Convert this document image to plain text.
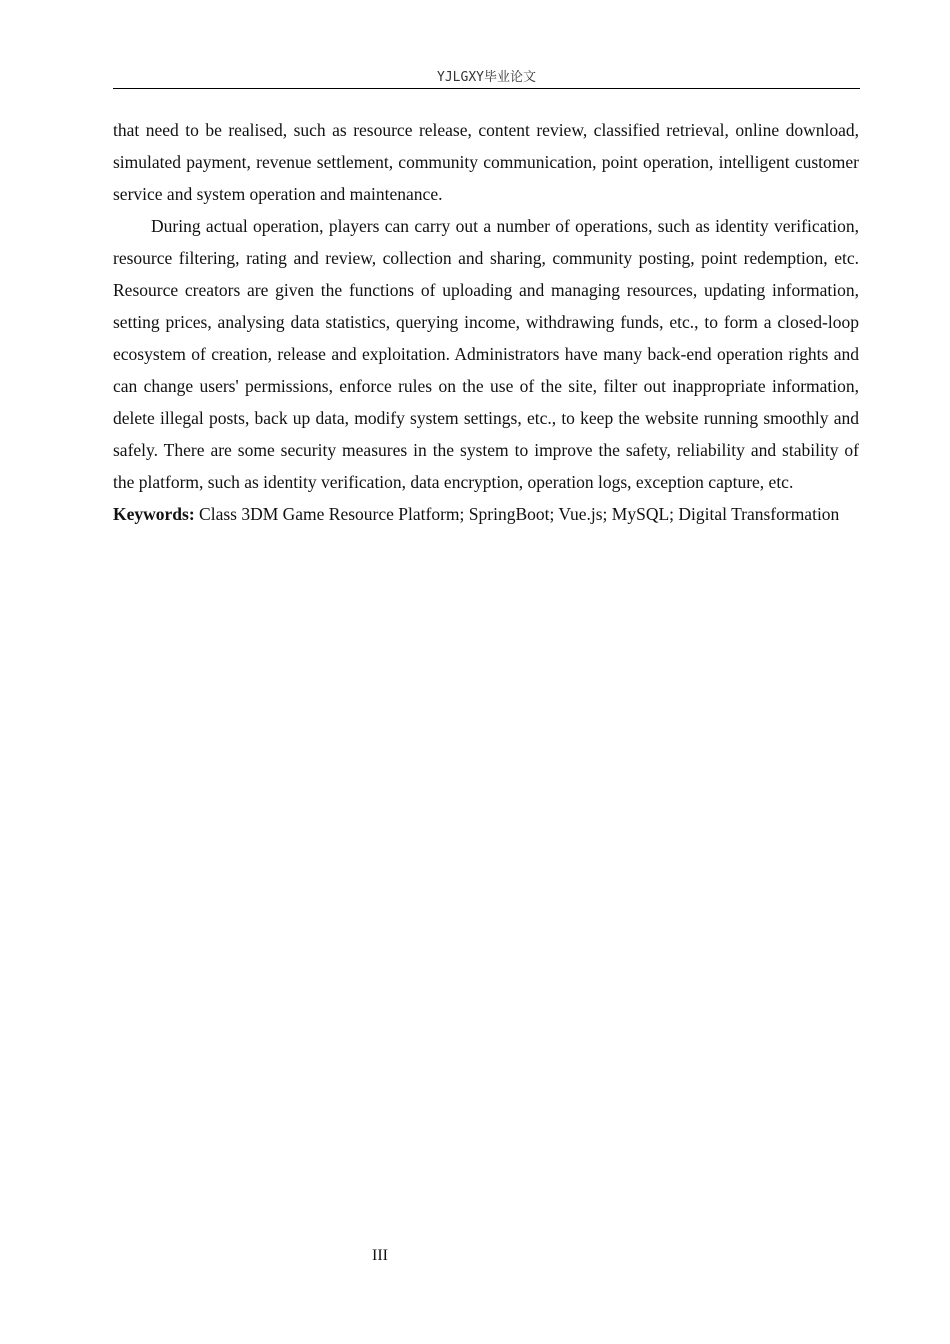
YJLGXY毕业论文

that need to be realised, such as resource release, content review, classified retrieval, online download, simulated payment, revenue settlement, community communication, point operation, intelligent customer service and system operation and maintenance.

During actual operation, players can carry out a number of operations, such as identity verification, resource filtering, rating and review, collection and sharing, community posting, point redemption, etc. Resource creators are given the functions of uploading and managing resources, updating information, setting prices, analysing data statistics, querying income, withdrawing funds, etc., to form a closed-loop ecosystem of creation, release and exploitation. Administrators have many back-end operation rights and can change users' permissions, enforce rules on the use of the site, filter out inappropriate information, delete illegal posts, back up data, modify system settings, etc., to keep the website running smoothly and safely. There are some security measures in the system to improve the safety, reliability and stability of the platform, such as identity verification, data encryption, operation logs, exception capture, etc.

Keywords: Class 3DM Game Resource Platform; SpringBoot; Vue.js; MySQL; Digital Transformation

III
